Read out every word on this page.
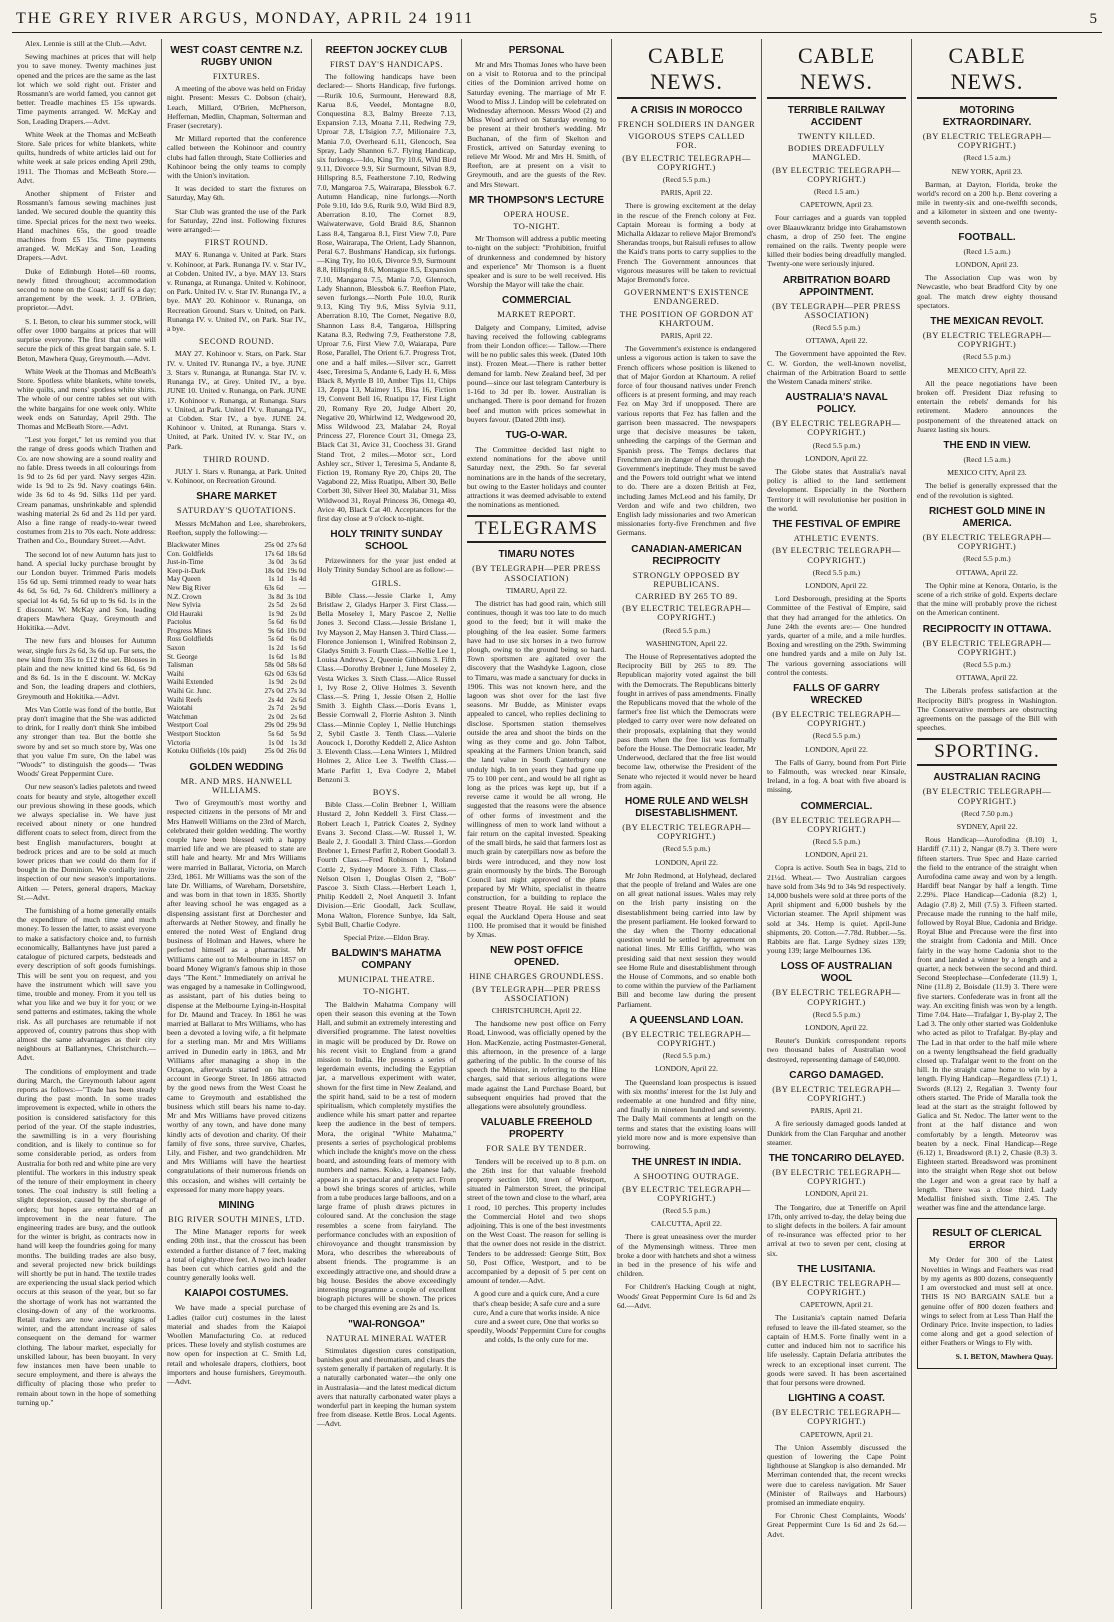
THE GREY RIVER ARGUS, MONDAY, APRIL 24 1911	5

Alex. Lennie is still at the Club.—Advt.

Sewing machines at prices that will help you to save money. Twenty machines just opened and the prices are the same as the last lot which we sold right out. Frister and Rossmann's are world famed, you cannot get better. Treadle machines £5 15s upwards. Time payments arranged. W. McKay and Son, Leading Drapers.—Advt.

White Week at the Thomas and McBeath Store. Sale prices for white blankets, white quilts, hundreds of white articles laid out for white week at sale prices ending April 29th, 1911. The Thomas and McBeath Store.—Advt.

Another shipment of Frister and Rossmann's famous sewing machines just landed. We secured double the quantity this time. Special prices for the next two weeks. Hand machines 65s, the good treadle machines from £5 15s. Time payments arranged. W. McKay and Son, Leading Drapers.—Advt.

Duke of Edinburgh Hotel—60 rooms, newly fitted throughout; accommodation second to none on the Coast; tariff 6s a day; arrangement by the week. J. J. O'Brien, proprietor.—Advt.

S. I. Beton, to clear his summer stock, will offer over 1000 bargains at prices that will surprise everyone. The first that come will secure the pick of this great bargain sale. S. I. Beton, Mawhera Quay, Greymouth.—Advt.

White Week at the Thomas and McBeath's Store. Spotless white blankets, white towels, white quilts, and mens' spotless white shirts. The whole of our centre tables set out with the white bargains for one week only. White week ends on Saturday, April 29th. The Thomas and McBeath Store.—Advt.

"Lest you forget," let us remind you that the range of dress goods which Trathen and Co. are now showing are a sound reality and no fable. Dress tweeds in all colourings from 1s 9d to 2s 6d per yard. Navy serges 42in. wide 1s 9d to 2s 9d. Navy coatings 64in. wide 3s 6d to 4s 9d. Silks 11d per yard. Cream panamas, unshrinkable and splendid washing material 2s 6d and 2s 11d per yard. Also a fine range of ready-to-wear tweed costumes from 21s to 70s each. Note address: Trathen and Co., Boundary Street.—Advt.

The second lot of new Autumn hats just to hand. A special lucky purchase brought by our London buyer. Trimmed Paris models 15s 6d up. Semi trimmed ready to wear hats 4s 6d, 5s 6d, 7s 6d. Children's millinery a special lot 4s 6d, 5s 6d up to 9s 6d. 1s in the £ discount. W. McKay and Son, leading drapers Mawhera Quay, Greymouth and Hokitika.—Advt.

The new furs and blouses for Autumn wear, single furs 2s 6d, 3s 6d up. Fur sets, the new kind from 35s to £12 the set. Blouses in plain and the new knitted kind 6s 6d, 6s 9d and 8s 6d. 1s in the £ discount. W. McKay and Son, the leading drapers and clothiers, Greymouth and Hokitika.—Advt.

Mrs Van Cottle was fond of the bottle, But pray don't imagine that the She was addicted to drink, for I really don't think She imbibed any stronger than tea. But the bottle she swore by and set so much store by, Was one that you value I'm sure, On the label was "Woods'" to distinguish the goods— 'Twas Woods' Great Peppermint Cure.

Our new season's ladies paletots and tweed coats for beauty and style, altogether excell our previous showing in these goods, which we always specialise in. We have just received about ninety or one hundred different coats to select from, direct from the best English manufacturers, bought at bedrock prices and are to be sold at much lower prices than we could do them for if bought in the Dominion. We cordially invite inspection of our new season's importations. Aitken — Peters, general drapers, Mackay St.—Advt.

The furnishing of a home generally entails the expenditure of much time and much money. To lessen the latter, to assist everyone to make a satisfactory choice and, to furnish economically, Ballantynes have just pared a catalogue of pictured carpets, bedsteads and every description of soft goods furnishings. This will be sent you on request, and you have the instrument which will save you time, trouble and money. From it you tell us what you like and we buy it for you; or we send patterns and estimates, taking the whole risk. As all purchases are returnable if not approved of, country patrons thus shop with almost the same advantages as their city neighbours at Ballantynes, Christchurch.—Advt.

The conditions of employment and trade during March, the Greymouth labour agent reports as follows:—"Trade has been steady during the past month. In some trades improvement is expected, while in others the position is considered satisfactory for this period of the year. Of the staple industries, the sawmilling is in a very flourishing condition, and is likely to continue so for some considerable period, as orders from Australia for both red and white pine are very plentiful. The workers in this industry speak of the tenure of their employment in cheery tones. The coal industry is still feeling a slight depression, caused by the shortage of orders; but hopes are entertained of an improvement in the near future. The engineering trades are busy, and the outlook for the winter is bright, as contracts now in hand will keep the foundries going for many months. The building trades are also busy, and several projected new brick buildings will shortly be put in hand. The textile trades are experiencing the usual slack period which occurs at this season of the year, but so far the shortage of work has not warranted the closing-down of any of the workrooms. Retail traders are now awaiting signs of winter, and the attendant increase of sales consequent on the demand for warmer clothing. The labour market, especially for unskilled labour, has been buoyant. In very few instances men have been unable to secure employment, and there is always the difficulty of placing those who prefer to remain about town in the hope of something turning up."

WEST COAST CENTRE N.Z. RUGBY UNION
FIXTURES.

A meeting of the above was held on Friday night. Present: Messrs C. Dobson (chair), Leach, Millard, O'Brien, McPherson, Heffernan, Medlin, Chapman, Solterman and Fraser (secretary).

Mr Millard reported that the conference called between the Kohinoor and country clubs had fallen through, State Collieries and Kohinoor being the only teams to comply with the Union's invitation.

It was decided to start the fixtures on Saturday, May 6th.

Star Club was granted the use of the Park for Saturday, 22nd inst. Following fixtures were arranged:—

FIRST ROUND.

MAY 6. Runanga v. United at Park. Stars v. Kohinoor, at Park. Runanga IV. v. Star IV., at Cobden. United IV., a bye. MAY 13. Stars v. Runanga, at Runanga. United v. Kohinoor, on Park. United IV. v. Star IV. Runanga IV., a bye. MAY 20. Kohinoor v. Runanga, on Recreation Ground. Stars v. United, on Park. Runanga IV. v. United IV., on Park. Star IV., a bye.

SECOND ROUND.

MAY 27. Kohinoor v. Stars, on Park. Star IV. v. United IV. Runanga IV., a bye. JUNE 3. Stars v. Runanga, at Runanga. Star IV. v. Runanga IV., at Grey. United IV., a bye. JUNE 10. United v. Runanga, on Park. JUNE 17. Kohinoor v. Runanga, at Runanga. Stars v. United, at Park. United IV. v. Runanga IV., at Cobden. Star IV., a bye. JUNE 24. Kohinoor v. United, at Runanga. Stars v. United, at Park. United IV. v. Star IV., on Park.

THIRD ROUND.

JULY 1. Stars v. Runanga, at Park. United v. Kohinoor, on Recreation Ground.

SHARE MARKET
SATURDAY'S QUOTATIONS.

Messrs McMahon and Lee, sharebrokers, Reefton, supply the following:—

Blackwater Mines	25s 0d	27s 6d
Con. Goldfields	17s 6d	18s 6d
Just-in-Time	3s 0d	3s 6d
Keep-it-Dark	18s 0d	19s 0d
May Queen	1s 1d	1s 4d
New Big River	63s 6d	—
N.Z. Crown	3s 8d	3s 10d
New Sylvia	2s 5d	2s 6d
Old Hauraki	1s 9d	2s 0d
Pactolus	5s 6d	6s 0d
Progress Mines	9s 6d	10s 0d
Ross Goldfields	5s 6d	6s 0d
Saxon	1s 2d	1s 6d
St. George	1s 6d	1s 8d
Talisman	58s 0d	58s 6d
Waihi	62s 0d	63s 6d
Waihi Extended	1s 9d	2s 0d
Waihi Gr. Junc.	27s 0d	27s 3d
Waihi Reefs	2s 4d	2s 6d
Waiotahi	2s 7d	2s 9d
Watchman	2s 0d	2s 6d
Westport Coal	29s 0d	29s 9d
Westport Stockton	5s 6d	5s 9d
Victoria	1s 0d	1s 3d
Kotuku Oilfields (10s paid)	25s 0d	26s 0d
GOLDEN WEDDING
MR. AND MRS. HANWELL WILLIAMS.

Two of Greymouth's most worthy and respected citizens in the persons of Mr and Mrs Hanwell Williams on the 23rd of March, celebrated their golden wedding. The worthy couple have been blessed with a happy married life and we are pleased to state are still hale and hearty. Mr and Mrs Williams were married in Ballarat, Victoria, on March 23rd, 1861. Mr Williams was the son of the late Dr. Williams, of Wareham, Dorsetshire, and was born in that town in 1835. Shortly after leaving school he was engaged as a dispensing assistant first at Dorchester and afterwards at Nether Stowey, and finally he entered the noted West of England drug business of Holman and Hawes, where he perfected himself as a pharmacist. Mr Williams came out to Melbourne in 1857 on board Money Wigram's famous ship in those days "The Kent." Immediately on arrival he was engaged by a namesake in Collingwood, as assistant, part of his duties being to dispense at the Melbourne Lying-in-Hospital for Dr. Maund and Tracey. In 1861 he was married at Ballarat to Mrs Williams, who has been a devoted a loving wife, a fit helpmate for a sterling man. Mr and Mrs Williams arrived in Dunedin early in 1863, and Mr Williams after managing a shop in the Octagon, afterwards started on his own account in George Street. In 1866 attracted by the good news from the West Coast he came to Greymouth and established the business which still bears his name to-day. Mr and Mrs Williams have proved citizens worthy of any town, and have done many kindly acts of devotion and charity. Of their family of five sons, three survive, Charles, Lily, and Fisher, and two grandchildren. Mr and Mrs Williams will have the heartiest congratulations of their numerous friends on this occasion, and wishes will certainly be expressed for many more happy years.

MINING
BIG RIVER SOUTH MINES, LTD.

The Mine Manager reports for week ending 20th inst., that the crosscut has been extended a further distance of 7 feet, making a total of eighty-three feet. A two inch leader has been cut which carries gold and the country generally looks well.

KAIAPOI COSTUMES.

We have made a special purchase of Ladies (tailor cut) costumes in the latest material and shades from the Kaiapoi Woollen Manufacturing Co. at reduced prices. These lovely and stylish costumes are now open for inspection at C. Smith Ld, retail and wholesale drapers, clothiers, boot importers and house furnishers, Greymouth.—Advt.

REEFTON JOCKEY CLUB
FIRST DAY'S HANDICAPS.

The following handicaps have been declared:— Shorts Handicap, five furlongs.—Rurik 10.6, Surmount, Hereward 8.8, Karua 8.6, Veedel, Montagne 8.0, Conquestina 8.3, Balmy Breeze 7.13, Expansion 7.13, Moana 7.11, Redwing 7.9, Uproar 7.8, L'Isigion 7.7, Milionaire 7.3, Mania 7.0, Overheard 6.11, Glencoch, Sea Spray, Lady Shannon 6.7. Flying Handicap, six furlongs.—Ido, King Try 10.6, Wild Bird 9.11, Divorce 9.9, Sir Surmount, Silvan 8.9, Hillspring 8.5, Featherstone 7.10, Redwing 7.0, Mangaroa 7.5, Wairarapa, Blessbok 6.7. Autumn Handicap, nine furlongs.—North Pole 9.10, Ido 9.6, Rurik 9.0, Wild Bird 8.9, Aberration 8.10, The Cornet 8.9, Waiwaterwave, Gold Braid 8.6, Shannon Lass 8.4, Tangaroa 8.1, First View 7.0, Pure Rose, Wairarapa, The Orient, Lady Shannon, Peral 6.7. Bushmans' Handicap, six furlongs.—King Try, Ito 10.6, Divorce 9.9, Surmount 8.8, Hillspring 8.6, Montague 8.5, Expansion 7.10, Mangaroa 7.5, Mania 7.0, Glenroch, Lady Shannon, Blessbok 6.7. Reefton Plate, seven furlongs.—North Pole 10.0, Rurik 9.13, King Try 9.6, Miss Sylvia 9.11, Aberration 8.10, The Cornet, Negative 8.0, Shannon Lass 8.4, Tangaroa, Hillspring Katana 8.3, Redwing 7.9, Featherstone 7.8, Uproar 7.6, First View 7.0, Waiarapa, Pure Rose, Parallel, The Orient 6.7. Progress Trot, one and a half miles.—Silver scr., Garrett 4sec, Teresima 5, Andante 6, Lady H. 6, Miss Black 8, Myrtle B 10, Amber Tips 11, Chips 13, Zeppa 13, Maimey 15, Bisa 16, Fiction 19, Convent Bell 16, Ruatipu 17, First Light 20, Romany Rye 20, Judge Albert 20, Negative 20, Whirlwind 12, Wedgewood 20, Miss Wildwood 23, Malabar 24, Royal Princess 27, Florence Court 31, Omega 23, Black Cat 31, Avice 31, Coochess 31. Grand Stand Trot, 2 miles.—Motor scr., Lord Ashley scr., Stiver 1, Teresima 5, Andante 8, Fiction 19, Romany Rye 20, Chips 20, The Vagabond 22, Miss Ruatipu, Albert 30, Belle Corbett 30, Silver Heel 30, Malabar 31, Miss Wildwood 31, Royal Princess 36, Omega 40, Avice 40, Black Cat 40. Acceptances for the first day close at 9 o'clock to-night.

HOLY TRINITY SUNDAY SCHOOL

Prizewinners for the year just ended at Holy Trinity Sunday School are as follow:—

GIRLS.

Bible Class.—Jessie Clarke 1, Amy Bristlaw 2, Gladys Harper 3. First Class.—Bella Moseley 1, Mary Pascoe 2, Nellie Jones 3. Second Class.—Jessie Brislane 1, Ivy Mayson 2, May Hansen 3. Third Class.—Florence Jonienson 1, Winifred Robinson 2, Gladys Smith 3. Fourth Class.—Nellie Lee 1, Louisa Andrews 2, Queenie Gibbons 3. Fifth Class.—Dorothy Brebner 1, June Moseley 2, Vesta Wickes 3. Sixth Class.—Alice Russel 1, Ivy Rose 2, Olive Holmes 3. Seventh Class.—S. Pring 1, Jessie Olsen 2, Hollie Smith 3. Eighth Class.—Doris Evans 1, Bessie Cornwall 2, Florrie Ashton 3. Ninth Class.—Minnie Copley 1, Nellie Hutchings 2, Sybil Castle 3. Tenth Class.—Valerie Aoucock 1, Dorothy Keddell 2, Alice Ashton 3. Eleventh Class.—Lena Winters 1, Mildred Holmes 2, Alice Lee 3. Twelfth Class.—Marie Parfitt 1, Eva Codyre 2, Mabel Benzoni 3.

BOYS.

Bible Class.—Colin Brebner 1, William Hustard 2, John Keddell 3. First Class.—Robert Leach 1, Patrick Coates 2, Sydney Evans 3. Second Class.—W. Russel 1, W. Beale 2, J. Goodall 3. Third Class.—Gordon Brebner 1, Ernest Parfitt 2, Robert Goodall 3. Fourth Class.—Fred Robinson 1, Roland Cottle 2, Sydney Moore 3. Fifth Class.—Nelson Olsen 1, Douglas Olsen 2, "Bob" Pascoe 3. Sixth Class.—Herbert Leach 1, Philip Keddell 2, Noel Anquetil 3. Infant Division.—Eric Goodall, Jack Scullaw, Mona Walton, Florence Sunbye, Ida Salt, Sybil Bull, Charlie Codyre.

Special Prize.—Eldon Bray.

BALDWIN'S MAHATMA COMPANY
MUNICIPAL THEATRE.
TO-NIGHT.

The Baldwin Mahatma Company will open their season this evening at the Town Hall, and submit an extremely interesting and diversified programme. The latest novelties in magic will be produced by Dr. Rowe on his recent visit to England from a grand mission to India. He presents a series of legerdemain events, including the Egyptian jar, a marvellous experiment with water, shown for the first time in New Zealand, and the spirit hand, said to be a test of modern spiritualism, which completely mystifies the audience while his smart patter and repartee keep the audience in the best of tempers. Mora, the original "White Mahatma," presents a series of psychological problems which include the knight's move on the chess board, and astounding feats of memory with numbers and names. Koko, a Japanese lady, appears in a spectacular and pretty act. From a bowl she brings scores of articles, while from a tube produces large balloons, and on a large frame of plush draws pictures in coloured sand. At the conclusion the stage resembles a scene from fairyland. The performance concludes with an exposition of chirovoyance and thought transmission by Mora, who describes the whereabouts of absent friends. The programme is an exceedingly attractive one, and should draw a big house. Besides the above exceedingly interesting programme a couple of excellent biograph pictures will be shown. The prices to be charged this evening are 2s and 1s.

"WAI-RONGOA"
NATURAL MINERAL WATER

Stimulates digestion cures constipation, banishes gout and rheumatism, and clears the system generally if partaken of regularly. It is a naturally carbonated water—the only one in Australasia—and the latest medical dictum avers that naturally carbonated water plays a wonderful part in keeping the human system free from disease. Kettle Bros. Local Agents.—Advt.

PERSONAL

Mr and Mrs Thomas Jones who have been on a visit to Rotorua and to the principal cities of the Dominion arrived home on Saturday evening. The marriage of Mr F. Wood to Miss J. Lindop will be celebrated on Wednesday afternoon. Messrs Wood (2) and Miss Wood arrived on Saturday evening to be present at their brother's wedding. Mr Buchanan, of the firm of Skelton and Frostick, arrived on Saturday evening to relieve Mr Wood. Mr and Mrs H. Smith, of Reefton, are at present on a visit to Greymouth, and are the guests of the Rev. and Mrs Stewart.

MR THOMPSON'S LECTURE
OPERA HOUSE.
TO-NIGHT.

Mr Thomson will address a public meeting to-night on the subject: "Prohibition, fruitful of drunkenness and condemned by history and experience" Mr Thomson is a fluent speaker and is sure to be well received. His Worship the Mayor will take the chair.

COMMERCIAL
MARKET REPORT.

Dalgety and Company, Limited, advise having received the following cablegrams from their London office:— Tallow.—There will be no public sales this week. (Dated 10th inst). Frozen Meat.—There is rather better demand for lamb. New Zealand beef, 3d per pound—since our last telegram Canterbury is 1-16d to 3d per lb. lower. Australian is unchanged. There is poor demand for frozen beef and mutton with prices somewhat in buyers favour. (Dated 20th inst).

TUG-O-WAR.

The Committee decided last night to extend nominations for the above until Saturday next, the 29th. So far several nominations are in the hands of the secretary, but owing to the Easter holidays and counter attractions it was deemed advisable to extend the nominations as mentioned.

TELEGRAMS
TIMARU NOTES
(BY TELEGRAPH—PER PRESS ASSOCIATION)

TIMARU, April 22.

The district has had good rain, which still continues, though it was too late to do much good to the feed; but it will make the ploughing of the lea easier. Some farmers have had to use six horses in a two furrow plough, owing to the ground being so hard. Town sportsmen are agitated over the discovery that the Washdyke Lagoon, close to Timaru, was made a sanctuary for ducks in 1906. This was not known here, and the lagoon was shot over for the last five seasons. Mr Budde, as Minister evaps appealed to cancel, who replies declining to disclose. Sportsmen station themselves outside the area and shoot the birds on the wing as they come and go. John Talbot, speaking at the Farmers Union branch, said the land value in South Canterbury one unduly high. In ten years they had gone up 75 to 100 per cent., and would be all right as long as the prices was kept up, but if a reverse came it would be all wrong. He suggested that the reasons were the absence of other forms of investment and the willingness of men to work land without a fair return on the capital invested. Speaking of the small birds, he said that farmers lost as much grain by caterpillars now as before the birds were introduced, and they now lost grain enormously by the birds. The Borough Council last night approved of the plans prepared by Mr White, specialist in theatre construction, for a building to replace the present Theatre Royal. He said it would equal the Auckland Opera House and seat 1100. He promised that it would be finished by Xmas.

NEW POST OFFICE OPENED.
HINE CHARGES GROUNDLESS.
(BY TELEGRAPH—PER PRESS ASSOCIATION)

CHRISTCHURCH, April 22.

The handsome new post office on Ferry Road, Linwood, was officially opened by the Hon. MacKenzie, acting Postmaster-General, this afternoon, in the presence of a large gathering of the public. In the course of his speech the Minister, in referring to the Hine charges, said that serious allegations were made against the Land Purchase Board, but subsequent enquiries had proved that the allegations were absolutely groundless.

VALUABLE FREEHOLD PROPERTY
FOR SALE BY TENDER.

Tenders will be received up to 8 p.m. on the 26th inst for that valuable freehold property section 100, town of Westport, situated in Palmerston Street, the principal street of the town and close to the wharf, area 1 rood, 10 perches. This property includes the Commercial Hotel and two shops adjoining. This is one of the best investments on the West Coast. The reason for selling is that the owner does not reside in the district. Tenders to be addressed: George Stitt, Box 50, Post Office, Westport, and to be accompanied by a deposit of 5 per cent on amount of tender.—Advt.

A good cure and a quick cure, And a cure that's cheap beside; A safe cure and a sure cure, And a cure that works inside. A nice cure and a sweet cure, One that works so speedily, Woods' Peppermint Cure for coughs and colds, Is the only cure for me.

CABLE NEWS.
A CRISIS IN MOROCCO
FRENCH SOLDIERS IN DANGER
VIGOROUS STEPS CALLED FOR.
(BY ELECTRIC TELEGRAPH—COPYRIGHT.)

(Recd 5.5 p.m.)

PARIS, April 22.

There is growing excitement at the delay in the rescue of the French colony at Fez. Captain Moreau is forming a body at Michalla Aldazar to relieve Major Bremond's Sherandas troops, but Raisuli refuses to allow the Kaid's trans ports to carry supplies to the French The Government announces that vigorous measures will be taken to revictual Major Bremond's force.

GOVERNMENT'S EXISTENCE ENDANGERED.
THE POSITION OF GORDON AT KHARTOUM.

PARIS, April 22.

The Government's existence is endangered unless a vigorous action is taken to save the French officers whose position is likened to that of Major Gordon at Khartoum. A relief force of four thousand natives under French officers is at present forming, and may reach Fez on May 3rd if unopposed. There are various reports that Fez has fallen and the garrison been massacred. The newspapers urge that decisive measures be taken, unheeding the carpings of the German and Spanish press. The Temps declares that Frenchmen are in danger of death through the Government's ineptitude. They must be saved and the Powers told outright what we intend to do. There are a dozen British at Fez, including James McLeod and his family, Dr Verdon and wife and two children, two English lady missionaries and two American missionaries forty-five Frenchmen and five Germans.

CANADIAN-AMERICAN RECIPROCITY
STRONGLY OPPOSED BY REPUBLICANS.
CARRIED BY 265 TO 89.
(BY ELECTRIC TELEGRAPH—COPYRIGHT.)

(Recd 5.5 p.m.)

WASHINGTON, April 22.

The House of Representatives adopted the Reciprocity Bill by 265 to 89. The Republican majority voted against the bill with the Democrats. The Republicans bitterly fought in arrives of pass amendments. Finally the Republicans moved that the whole of the farmer's free list which the Democrats were pledged to carry over were now defeated on their proposals, explaining that they would pass them when the free list was formally before the House. The Democratic leader, Mr Underwood, declared that the free list would become law, otherwise the President of the Senate who rejected it would never be heard from again.

HOME RULE AND WELSH DISESTABLISHMENT.
(BY ELECTRIC TELEGRAPH—COPYRIGHT.)

(Recd 5.5 p.m.)

LONDON, April 22.

Mr John Redmond, at Holyhead, declared that the people of Ireland and Wales are one on all great national issues. Wales may rely on the Irish party insisting on the disestablishment being carried into law by the present parliament. He looked forward to the day when the Thorny educational question would be settled by agreement on national lines. Mr Ellis Griffith, who was presiding said that next session they would see Home Rule and disestablishment through the House of Commons, and so enable both to come within the purview of the Parliament Bill and become law during the present Parliament.

A QUEENSLAND LOAN.
(BY ELECTRIC TELEGRAPH—COPYRIGHT.)

(Recd 5.5 p.m.)

LONDON, April 22.

The Queensland loan prospectus is issued with six months' interest for the 1st July and redeemable at one hundred and fifty nine, and finally in nineteen hundred and seventy. The Daily Mail comments at length on the terms and states that the existing loans will yield more now and is more expensive than borrowing.

THE UNREST IN INDIA.
A SHOOTING OUTRAGE.
(BY ELECTRIC TELEGRAPH—COPYRIGHT.)

(Recd 5.5 p.m.)

CALCUTTA, April 22.

There is great uneasiness over the murder of the Mymensingh witness. Three men broke a door with hatchets and shot a witness in bed in the presence of his wife and children.

For Children's Hacking Cough at night, Woods' Great Peppermint Cure 1s 6d and 2s 6d.—Advt.

CABLE NEWS.
TERRIBLE RAILWAY ACCIDENT
TWENTY KILLED.
BODIES DREADFULLY MANGLED.
(BY ELECTRIC TELEGRAPH—COPYRIGHT.)

(Recd 1.5 am.)

CAPETOWN, April 23.

Four carriages and a guards van toppled over Blaauwkrantz bridge into Grahamstown chasm, a drop of 250 feet. The engine remained on the rails. Twenty people were killed their bodies being dreadfully mangled. Twenty-one were seriously injured.

ARBITRATION BOARD APPOINTMENT.
(BY TELEGRAPH—PER PRESS ASSOCIATION)

(Recd 5.5 p.m.)

OTTAWA, April 22.

The Government have appointed the Rev. C. W. Gordon, the well-known novelist, chairman of the Arbitration Board to settle the Western Canada miners' strike.

AUSTRALIA'S NAVAL POLICY.
(BY ELECTRIC TELEGRAPH—COPYRIGHT.)

(Recd 5.5 p.m.)

LONDON, April 22.

The Globe states that Australia's naval policy is allied to the land settlement development. Especially in the Northern Territory it will revolutionise her position in the world.

THE FESTIVAL OF EMPIRE
ATHLETIC EVENTS.
(BY ELECTRIC TELEGRAPH—COPYRIGHT.)

(Recd 5.5 p.m.)

LONDON, April 22.

Lord Desborough, presiding at the Sports Committee of the Festival of Empire, said that they had arranged for the athletics. On June 24th the events are:— One hundred yards, quarter of a mile, and a mile hurdles. Boxing and wrestling on the 29th. Swimming one hundred yards and a mile on July 1st. The various governing associations will control the contests.

FALLS OF GARRY WRECKED
(BY ELECTRIC TELEGRAPH—COPYRIGHT.)

(Recd 5.5 p.m.)

LONDON, April 22.

The Falls of Garry, bound from Port Pirie to Falmouth, was wrecked near Kinsale, Ireland, in a fog. A boat with five aboard is missing.

COMMERCIAL.
(BY ELECTRIC TELEGRAPH—COPYRIGHT.)

(Recd 5.5 p.m.)

LONDON, April 21.

Copra is active. South Sea in bags, 21d to 21½d. Wheat.— Two Australian cargoes have sold from 34s 9d to 34s 9d respectively. 14,000 bushels were sold at three ports of the April shipment and 6,000 bushels by the Victorian steamer. The April shipment was sold at 34s. Hemp is quiet. April-June shipments, 20. Cotton.—7.78d. Rubber.—5s. Rabbits are flat. Large Sydney sizes 139; young 139; large Melbournes 136.

LOSS OF AUSTRALIAN WOOL
(BY ELECTRIC TELEGRAPH—COPYRIGHT.)

(Recd 5.5 p.m.)

LONDON, April 22.

Reuter's Dunkirk correspondent reports two thousand bales of Australian wool destroyed, representing damage of £40,000.

CARGO DAMAGED.
(BY ELECTRIC TELEGRAPH—COPYRIGHT.)

PARIS, April 21.

A fire seriously damaged goods landed at Dunkirk from the Clan Farquhar and another steamer.

THE TONCARIRO DELAYED.
(BY ELECTRIC TELEGRAPH—COPYRIGHT.)

LONDON, April 21.

The Tongariro, due at Teneriffe on April 17th, only arrived to-day, the delay being due to slight defects in the boilers. A fair amount of re-insurance was effected prior to her arrival at two to seven per cent, closing at six.

THE LUSITANIA.
(BY ELECTRIC TELEGRAPH—COPYRIGHT.)

CAPETOWN, April 21.

The Lusitania's captain named Defaria refused to leave the ill-fated steamer, so the captain of H.M.S. Forte finally went in a cutter and induced him not to sacrifice his life uselessly. Captain Defaria attributes the wreck to an exceptional inset current. The goods were saved. It has been ascertained that four persons were drowned.

LIGHTING A COAST.
(BY ELECTRIC TELEGRAPH—COPYRIGHT.)

CAPETOWN, April 21.

The Union Assembly discussed the question of lowering the Cape Point lighthouse at Slangkop is also demanded. Mr Merriman contended that, the recent wrecks were due to careless navigation. Mr Sauer (Minister of Railways and Harbours) promised an immediate enquiry.

For Chronic Chest Complaints, Woods' Great Peppermint Cure 1s 6d and 2s 6d.—Advt.

CABLE NEWS.
MOTORING EXTRAORDINARY.
(BY ELECTRIC TELEGRAPH—COPYRIGHT.)

(Recd 1.5 a.m.)

NEW YORK, April 23.

Barman, at Dayton, Florida, broke the world's record on a 200 h.p. Benz covering a mile in twenty-six and one-twelfth seconds, and a kilometer in sixteen and one twenty-seventh seconds.

FOOTBALL.

(Recd 1.5 a.m.)

LONDON, April 23.

The Association Cup was won by Newcastle, who beat Bradford City by one goal. The match drew eighty thousand spectators.

THE MEXICAN REVOLT.
(BY ELECTRIC TELEGRAPH—COPYRIGHT.)

(Recd 5.5 p.m.)

MEXICO CITY, April 22.

All the peace negotiations have been broken off. President Diaz refusing to entertain the rebels' demands for his retirement. Madero announces the postponement of the threatened attack on Juarez lasting six hours.

THE END IN VIEW.

(Recd 1.5 a.m.)

MEXICO CITY, April 23.

The belief is generally expressed that the end of the revolution is sighted.

RICHEST GOLD MINE IN AMERICA.
(BY ELECTRIC TELEGRAPH—COPYRIGHT.)

(Recd 5.5 p.m.)

OTTAWA, April 22.

The Ophir mine at Kenora, Ontario, is the scene of a rich strike of gold. Experts declare that the mine will probably prove the richest on the American continent.

RECIPROCITY IN OTTAWA.
(BY ELECTRIC TELEGRAPH—COPYRIGHT.)

(Recd 5.5 p.m.)

OTTAWA, April 22.

The Liberals profess satisfaction at the Reciprocity Bill's progress in Washington. The Conservative members are obstructing agreements on the passage of the Bill with speeches.

SPORTING.
AUSTRALIAN RACING
(BY ELECTRIC TELEGRAPH—COPYRIGHT.)

(Recd 7.50 p.m.)

SYDNEY, April 22.

Rous Handicap—Aurofodina (8.10) 1, Hardiff (7.11) 2, Nangar (8.7) 3. There were fifteen starters. True Spec and Haze carried the field to the entrance of the straight when Aurofodina came away and won by a length. Hardiff beat Nangar by half a length. Time 2.29¾. Place Handicap—Cadonia (8.2) 1, Adagio (7.8) 2, Mill (7.5) 3. Fifteen started. Precause made the running to the half mile, followed by Royal Blue, Cadonia and Bridge. Royal Blue and Precause were the first into the straight from Cadonia and Mill. Once fairly in the way home Cadonia shot to the front and landed a winner by a length and a quarter, a neck between the second and third. Second Steeplechase—Confederate (11.9) 1, Nine (11.8) 2, Boisdale (11.9) 3. There were five starters. Confederate was in front all the way. An exciting finish was won by a length. Time 7.04. Hate—Trafalgar 1, By-play 2, The Lad 3. The only other started was Goldenluke who acted as pilot to Trafalgar. By-play and The Lad in that order to the half mile where on a twenty lengthsahead the field gradually closed up. Trafalgar went to the front on the hill. In the straight came home to win by a length. Flying Handicap—Regardless (7.1) 1, Swords (8.12) 2, Regalian 3. Twenty four others started. The Pride of Maralla took the lead at the start as the straight followed by Galica and St. Nedoc. The latter went to the front at the half distance and won comfortably by a length. Meteorov was beaten by a neck. Final Handicap—Rege (6.12) 1, Breadsword (8.1) 2, Chasie (8.3) 3. Eighteen started. Breadsword was prominent into the straight when Rege shot out below the Leger and won a great race by half a length. There was a close third. Lady Medallist finished sixth. Time 2.45. The weather was fine and the attendance large.

RESULT OF CLERICAL ERROR

My Order for 300 of the Latest Novelties in Wings and Feathers was read by my agents as 800 dozens, consequently I am overstocked and must sell at once. THIS IS NO BARGAIN SALE but a genuine offer of 800 dozen feathers and wings to select from at Less Than Half the Ordinary Price. Invite inspection, to ladies come along and get a good selection of either Feathers or Wings to Fly with.

S. I. BETON, Mawhera Quay.
